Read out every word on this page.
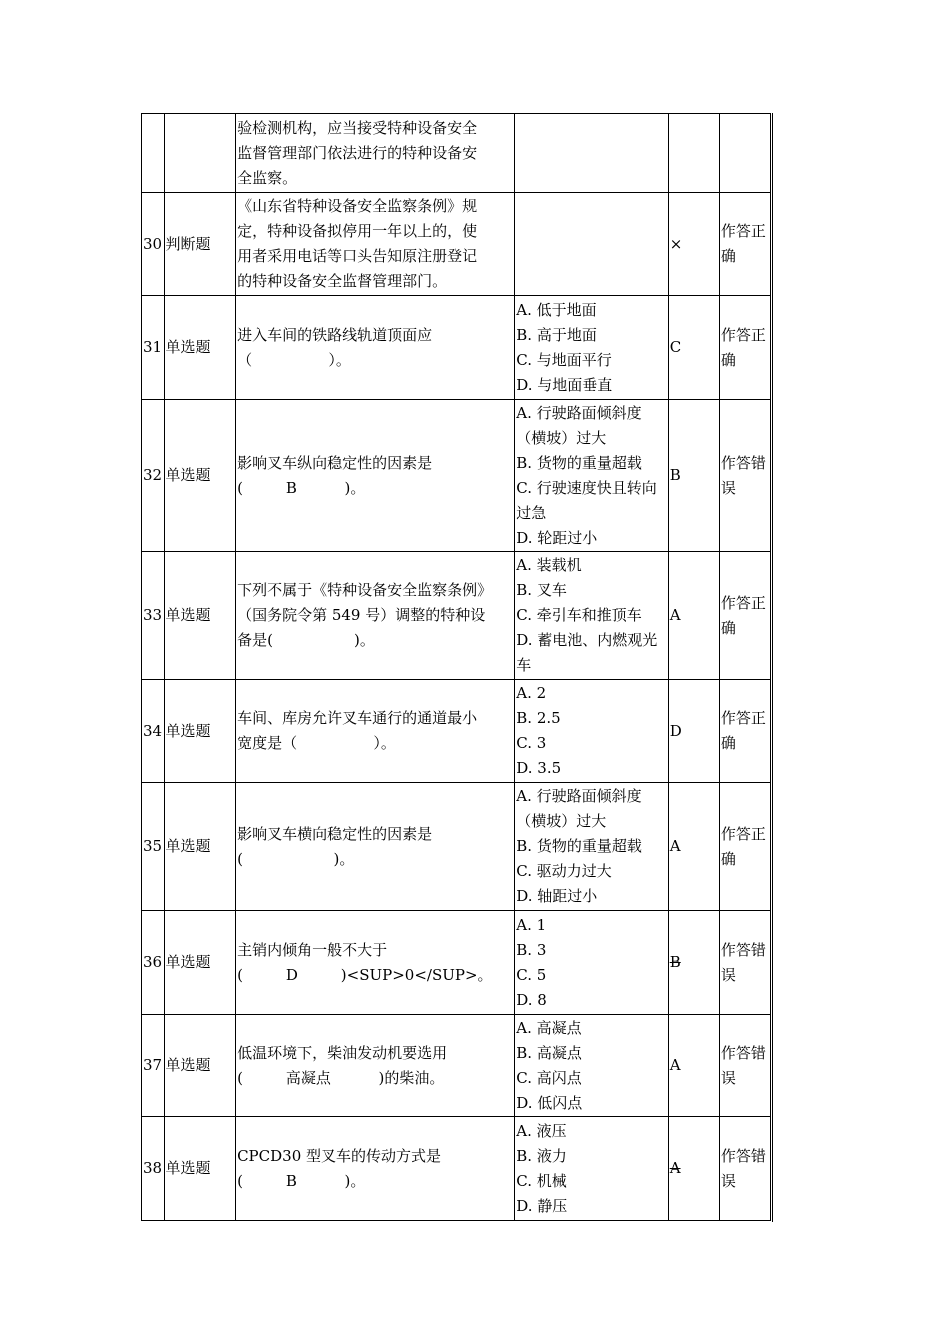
		验检测机构，应当接受特种设备安全
监督管理部门依法进行的特种设备安
全监察。			

30	判断题	《山东省特种设备安全监察条例》规
定，特种设备拟停用一年以上的，使
用者采用电话等口头告知原注册登记
的特种设备安全监督管理部门。		×	作答正确
31	单选题	进入车间的铁路线轨道顶面应
（                ）。	A. 低于地面
B. 高于地面
C. 与地面平行
D. 与地面垂直	C	作答正确
32	单选题	影响叉车纵向稳定性的因素是
(         B          )。	A. 行驶路面倾斜度（横坡）过大
B. 货物的重量超载
C. 行驶速度快且转向过急
D. 轮距过小	B	作答错误
33	单选题	下列不属于《特种设备安全监察条例》
（国务院令第 549 号）调整的特种设
备是(                 )。	A. 装载机
B. 叉车
C. 牵引车和推顶车
D. 蓄电池、内燃观光车	A	作答正确
34	单选题	车间、库房允许叉车通行的通道最小
宽度是（                ）。	A. 2
B. 2.5
C. 3
D. 3.5	D	作答正确
35	单选题	影响叉车横向稳定性的因素是
(                   )。	A. 行驶路面倾斜度（横坡）过大
B. 货物的重量超载
C. 驱动力过大
D. 轴距过小	A	作答正确
36	单选题	主销内倾角一般不大于
(         D         )<SUP>0</SUP>。	A. 1
B. 3
C. 5
D. 8	B	作答错误
37	单选题	低温环境下，柴油发动机要选用
(         高凝点          )的柴油。	A. 高凝点
B. 高凝点
C. 高闪点
D. 低闪点	A	作答错误
38	单选题	CPCD30 型叉车的传动方式是
(         B          )。	A. 液压
B. 液力
C. 机械
D. 静压	A	作答错误
